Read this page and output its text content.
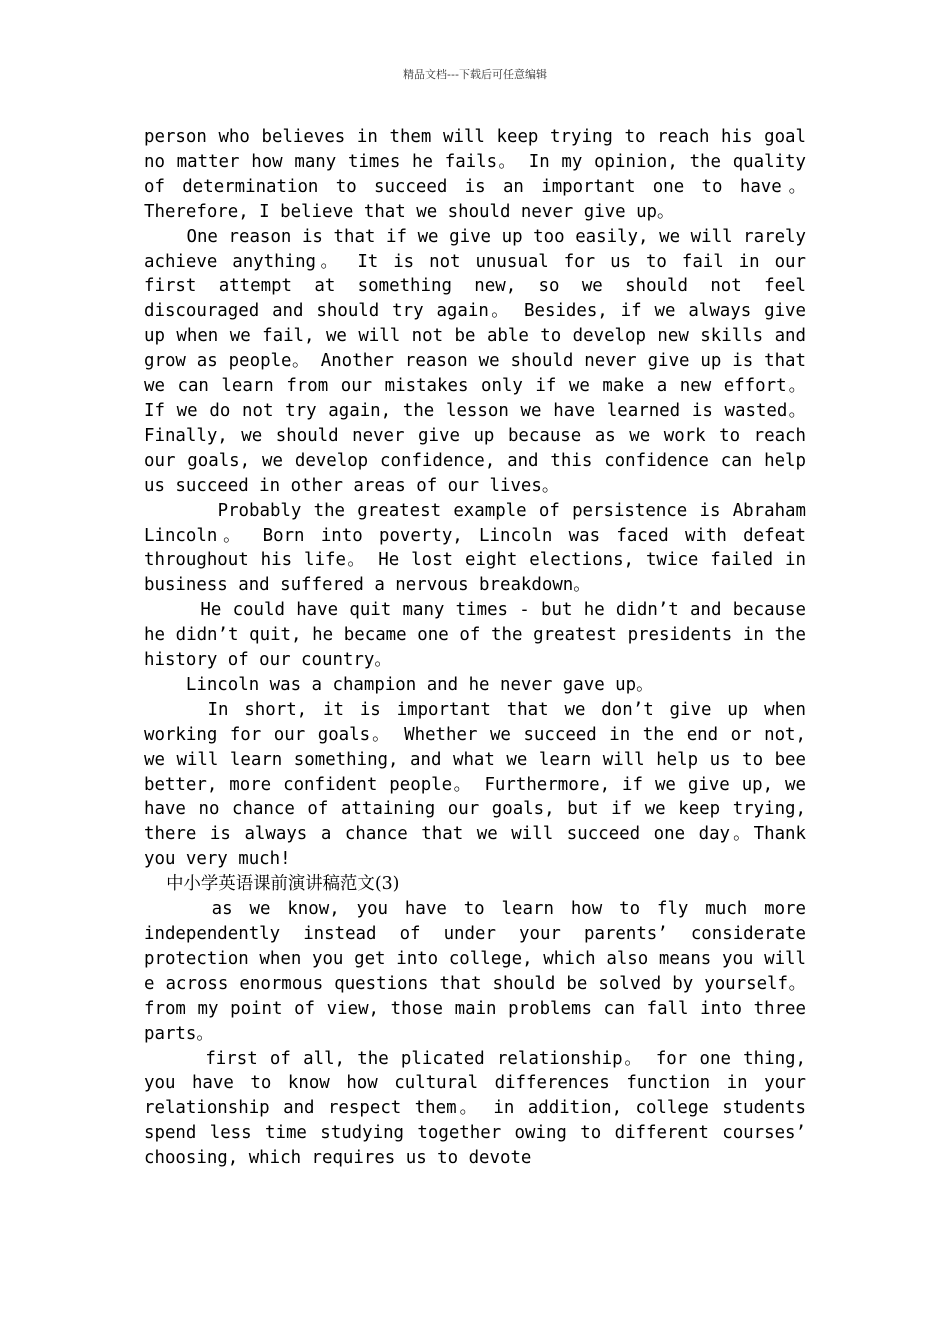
精品文档---下载后可任意编辑

person who believes in them will keep trying to reach his goal no matter how many times he fails。 In my opinion, the quality of determination to succeed is an important one to have。 Therefore, I believe that we should never give up。

One reason is that if we give up too easily, we will rarely achieve anything。 It is not unusual for us to fail in our first attempt at something new, so we should not feel discouraged and should try again。 Besides, if we always give up when we fail, we will not be able to develop new skills and grow as people。 Another reason we should never give up is that we can learn from our mistakes only if we make a new effort。 If we do not try again, the lesson we have learned is wasted。 Finally, we should never give up because as we work to reach our goals, we develop confidence, and this confidence can help us succeed in other areas of our lives。

Probably the greatest example of persistence is Abraham Lincoln。 Born into poverty, Lincoln was faced with defeat throughout his life。 He lost eight elections, twice failed in business and suffered a nervous breakdown。

He could have quit many times - but he didn’t and because he didn’t quit, he became one of the greatest presidents in the history of our country。

Lincoln was a champion and he never gave up。

In short, it is important that we don’t give up when working for our goals。 Whether we succeed in the end or not, we will learn something, and what we learn will help us to bee better, more confident people。 Furthermore, if we give up, we have no chance of attaining our goals, but if we keep trying, there is always a chance that we will succeed one day。Thank you very much!

中小学英语课前演讲稿范文(3)

as we know, you have to learn how to fly much more independently instead of under your parents’ considerate protection when you get into college, which also means you will e across enormous questions that should be solved by yourself。 from my point of view, those main problems can fall into three parts。

first of all, the plicated relationship。 for one thing, you have to know how cultural differences function in your relationship and respect them。 in addition, college students spend less time studying together owing to different courses’ choosing, which requires us to devote
